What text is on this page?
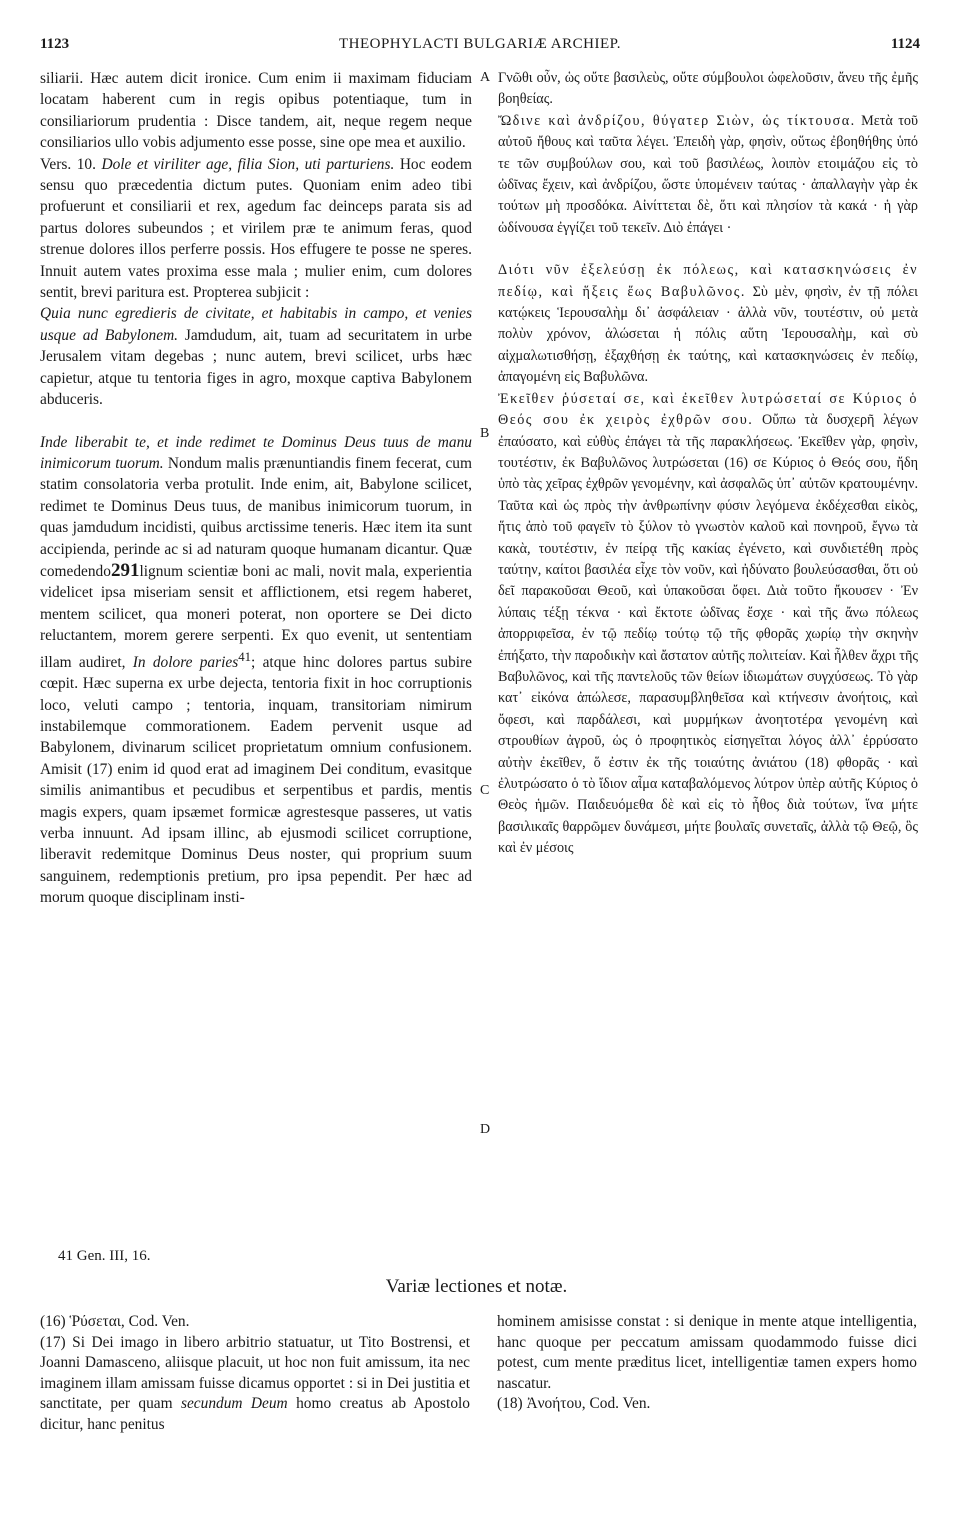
1123	THEOPHYLACTI BULGARIÆ ARCHIEP.	1124
A
B
C
D

siliarii. Hæc autem dicit ironice. Cum enim ii maximam fiduciam locatam haberent cum in regis opibus potentiaque, tum in consiliariorum prudentia : Disce tandem, ait, neque regem neque consiliarios ullo vobis adjumento esse posse, sine ope mea et auxilio.

Vers. 10. Dole et viriliter age, filia Sion, uti parturiens. Hoc eodem sensu quo præcedentia dictum putes. Quoniam enim adeo tibi profuerunt et consiliarii et rex, agedum fac deinceps parata sis ad partus dolores subeundos ; et virilem præ te animum feras, quod strenue dolores illos perferre possis. Hos effugere te posse ne speres. Innuit autem vates proxima esse mala ; mulier enim, cum dolores sentit, brevi paritura est. Propterea subjicit :

Quia nunc egredieris de civitate, et habitabis in campo, et venies usque ad Babylonem. Jamdudum, ait, tuam ad securitatem in urbe Jerusalem vitam degebas ; nunc autem, brevi scilicet, urbs hæc capietur, atque tu tentoria figes in agro, moxque captiva Babylonem abduceris.

Inde liberabit te, et inde redimet te Dominus Deus tuus de manu inimicorum tuorum. Nondum malis prænuntiandis finem fecerat, cum statim consolatoria verba protulit. Inde enim, ait, Babylone scilicet, redimet te Dominus Deus tuus, de manibus inimicorum tuorum, in quas jamdudum incidisti, quibus arctissime teneris. Hæc item ita sunt accipienda, perinde ac si ad naturam quoque humanam dicantur. Quæ comedendo291lignum scientiæ boni ac mali, novit mala, experientia videlicet ipsa miseriam sensit et afflictionem, etsi regem haberet, mentem scilicet, qua moneri poterat, non oportere se Dei dicto reluctantem, morem gerere serpenti. Ex quo evenit, ut sententiam illam audiret, In dolore paries$^{41}$; atque hinc dolores partus subire cœpit. Hæc superna ex urbe dejecta, tentoria fixit in hoc corruptionis loco, veluti campo ; tentoria, inquam, transitoriam nimirum instabilemque commorationem. Eadem pervenit usque ad Babylonem, divinarum scilicet proprietatum omnium confusionem. Amisit (17) enim id quod erat ad imaginem Dei conditum, evasitque similis animantibus et pecudibus et serpentibus et pardis, mentis magis expers, quam ipsæmet formicæ agrestesque passeres, ut vatis verba innuunt. Ad ipsam illinc, ab ejusmodi scilicet corruptione, liberavit redemitque Dominus Deus noster, qui proprium suum sanguinem, redemptionis pretium, pro ipsa pependit. Per hæc ad morum quoque disciplinam insti-

Γνῶθι οὖν, ὡς οὔτε βασιλεὺς, οὔτε σύμβουλοι ὠφελοῦσιν, ἄνευ τῆς ἐμῆς βοηθείας.

Ὤδινε καὶ ἀνδρίζου, θύγατερ Σιὼν, ὡς τίκτουσα. Μετὰ τοῦ αὐτοῦ ἤθους καὶ ταῦτα λέγει. Ἐπειδὴ γὰρ, φησὶν, οὕτως ἐβοηθήθης ὑπό τε τῶν συμβούλων σου, καὶ τοῦ βασιλέως, λοιπὸν ετοιμάζου εἰς τὸ ὠδῖνας ἔχειν, καὶ ἀνδρίζου, ὥστε ὑπομένειν ταύτας · ἀπαλλαγὴν γὰρ ἐκ τούτων μὴ προσδόκα. Αἰνίττεται δὲ, ὅτι καὶ πλησίον τὰ κακά · ἡ γὰρ ὠδίνουσα ἐγγίζει τοῦ τεκεῖν. Διὸ ἐπάγει ·

Διότι νῦν ἐξελεύσῃ ἐκ πόλεως, καὶ κατασκηνώσεις ἐν πεδίῳ, καὶ ἥξεις ἕως Βαβυλῶνος. Σὺ μὲν, φησὶν, ἐν τῇ πόλει κατῴκεις Ἱερουσαλὴμ δι᾿ ἀσφάλειαν · ἀλλὰ νῦν, τουτέστιν, οὐ μετὰ πολὺν χρόνον, ἁλώσεται ἡ πόλις αὕτη Ἱερουσαλὴμ, καὶ σὺ αἰχμαλωτισθήσῃ, ἐξαχθήσῃ ἐκ ταύτης, καὶ κατασκηνώσεις ἐν πεδίῳ, ἀπαγομένη εἰς Βαβυλῶνα.

Ἐκεῖθεν ῥύσεταί σε, καὶ ἐκεῖθεν λυτρώσεταί σε Κύριος ὁ Θεός σου ἐκ χειρὸς ἐχθρῶν σου. Οὔπω τὰ δυσχερῆ λέγων ἐπαύσατο, καὶ εὐθὺς ἐπάγει τὰ τῆς παρακλήσεως. Ἐκεῖθεν γὰρ, φησὶν, τουτέστιν, ἐκ Βαβυλῶνος λυτρώσεται (16) σε Κύριος ὁ Θεός σου, ἤδη ὑπὸ τὰς χεῖρας ἐχθρῶν γενομένην, καὶ ἀσφαλῶς ὑπ᾿ αὐτῶν κρατουμένην. Ταῦτα καὶ ὡς πρὸς τὴν ἀνθρωπίνην φύσιν λεγόμενα ἐκδέχεσθαι εἰκὸς, ἥτις ἀπὸ τοῦ φαγεῖν τὸ ξύλον τὸ γνωστὸν καλοῦ καὶ πονηροῦ, ἔγνω τὰ κακὰ, τουτέστιν, ἐν πείρᾳ τῆς κακίας ἐγένετο, καὶ συνδιετέθη πρὸς ταύτην, καίτοι βασιλέα εἶχε τὸν νοῦν, καὶ ἠδύνατο βουλεύσασθαι, ὅτι οὐ δεῖ παρακοῦσαι Θεοῦ, καὶ ὑπακοῦσαι ὄφει. Διὰ τοῦτο ἤκουσεν · Ἐν λύπαις τέξῃ τέκνα · καὶ ἔκτοτε ὠδῖνας ἔσχε · καὶ τῆς ἄνω πόλεως ἀπορριφεῖσα, ἐν τῷ πεδίῳ τούτῳ τῷ τῆς φθορᾶς χωρίῳ τὴν σκηνὴν ἐπήξατο, τὴν παροδικὴν καὶ ἄστατον αὐτῆς πολιτείαν. Καὶ ἦλθεν ἄχρι τῆς Βαβυλῶνος, καὶ τῆς παντελοῦς τῶν θείων ἰδιωμάτων συγχύσεως. Τὸ γὰρ κατ᾿ εἰκόνα ἀπώλεσε, παρασυμβληθεῖσα καὶ κτήνεσιν ἀνοήτοις, καὶ ὄφεσι, καὶ παρδάλεσι, καὶ μυρμήκων ἀνοητοτέρα γενομένη καὶ στρουθίων ἀγροῦ, ὡς ὁ προφητικὸς εἰσηγεῖται λόγος ἀλλ᾿ ἐρρύσατο αὐτὴν ἐκεῖθεν, ὅ ἐστιν ἐκ τῆς τοιαύτης ἀνιάτου (18) φθορᾶς · καὶ ἐλυτρώσατο ὁ τὸ ἴδιον αἷμα καταβαλόμενος λύτρον ὑπὲρ αὐτῆς Κύριος ὁ Θεὸς ἡμῶν. Παιδευόμεθα δὲ καὶ εἰς τὸ ἦθος διὰ τούτων, ἵνα μήτε βασιλικαῖς θαρρῶμεν δυνάμεσι, μήτε βουλαῖς συνεταῖς, ἀλλὰ τῷ Θεῷ, ὃς καὶ ἐν μέσοις

41 Gen. III, 16.
Variæ lectiones et notæ.

(16) Ῥύσεται, Cod. Ven.

(17) Si Dei imago in libero arbitrio statuatur, ut Tito Bostrensi, et Joanni Damasceno, aliisque placuit, ut hoc non fuit amissum, ita nec imaginem illam amissam fuisse dicamus opportet : si in Dei justitia et sanctitate, per quam secundum Deum homo creatus ab Apostolo dicitur, hanc penitus

hominem amisisse constat : si denique in mente atque intelligentia, hanc quoque per peccatum amissam quodammodo fuisse dici potest, cum mente præditus licet, intelligentiæ tamen expers homo nascatur.

(18) Ἀνοήτου, Cod. Ven.
